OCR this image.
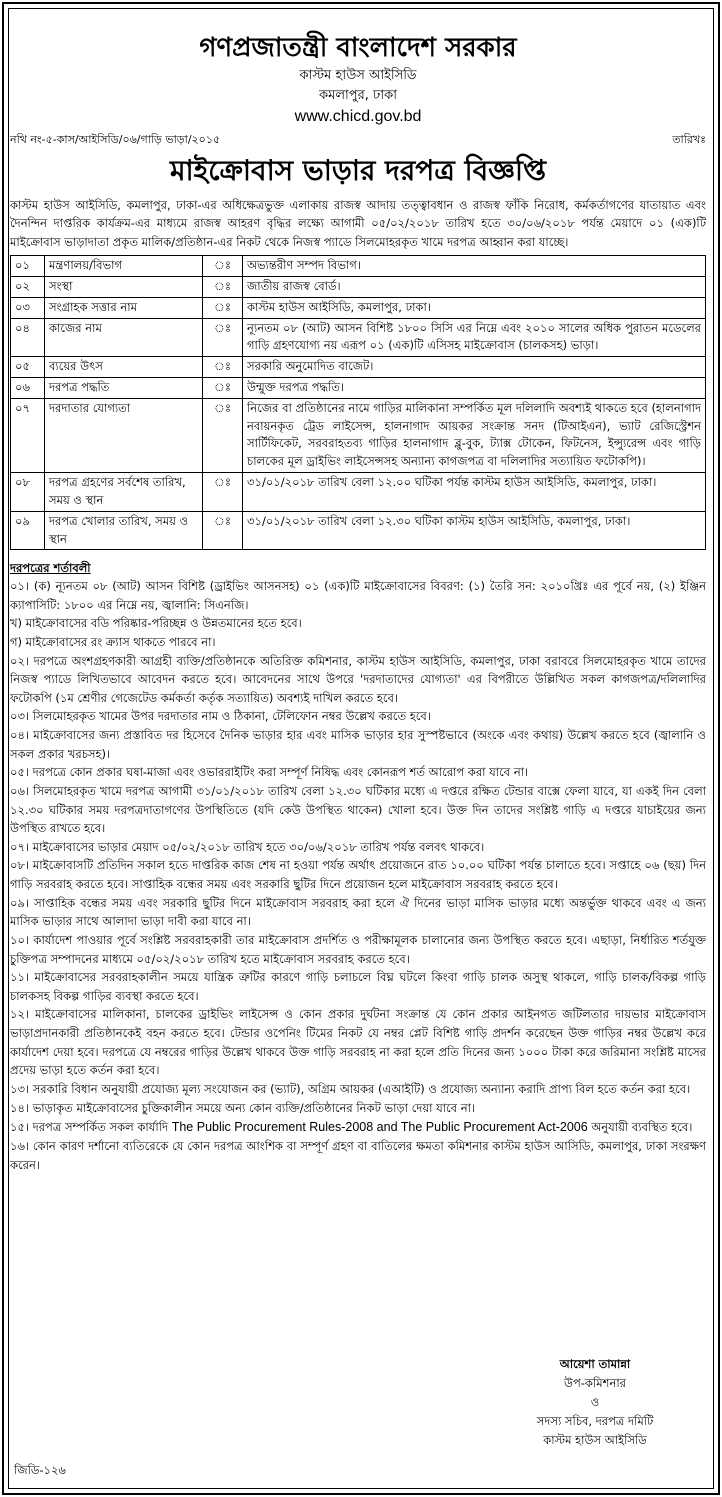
গণপ্রজাতন্ত্রী বাংলাদেশ সরকার
কাস্টম হাউস আইসিডি
কমলাপুর, ঢাকা
www.chicd.gov.bd
নথি নং-৫-কাস/আইসিডি/০৬/গাড়ি ভাড়া/২০১৫	তারিখঃ
মাইক্রোবাস ভাড়ার দরপত্র বিজ্ঞপ্তি

কাস্টম হাউস আইসিডি, কমলাপুর, ঢাকা-এর অধিক্ষেত্রভুক্ত এলাকায় রাজস্ব আদায় তত্ত্বাবধান ও রাজস্ব ফাঁকি নিরোধ, কর্মকর্তাগণের যাতায়াত এবং দৈনন্দিন দাপ্তরিক কার্যক্রম-এর মাধ্যমে রাজস্ব আহরণ বৃদ্ধির লক্ষ্যে আগামী ০৫/০২/২০১৮ তারিখ হতে ৩০/০৬/২০১৮ পর্যন্ত মেয়াদে ০১ (এক)টি মাইক্রোবাস ভাড়াদাতা প্রকৃত মালিক/প্রতিষ্ঠান-এর নিকট থেকে নিজস্ব প্যাডে সিলমোহরকৃত খামে দরপত্র আহ্বান করা যাচ্ছে।

০১	মন্ত্রণালয়/বিভাগ	ঃ	অভ্যন্তরীণ সম্পদ বিভাগ।
০২	সংস্থা	ঃ	জাতীয় রাজস্ব বোর্ড।
০৩	সংগ্রাহক সত্তার নাম	ঃ	কাস্টম হাউস আইসিডি, কমলাপুর, ঢাকা।
০৪	কাজের নাম	ঃ	ন্যূনতম ০৮ (আট) আসন বিশিষ্ট ১৮০০ সিসি এর নিম্নে এবং ২০১০ সালের অধিক পুরাতন মডেলের গাড়ি গ্রহণযোগ্য নয় এরূপ ০১ (এক)টি এসিসহ মাইক্রোবাস (চালকসহ) ভাড়া।
০৫	ব্যয়ের উৎস	ঃ	সরকারি অনুমোদিত বাজেট।
০৬	দরপত্র পদ্ধতি	ঃ	উন্মুক্ত দরপত্র পদ্ধতি।
০৭	দরদাতার যোগ্যতা	ঃ	নিজের বা প্রতিষ্ঠানের নামে গাড়ির মালিকানা সম্পর্কিত মূল দলিলাদি অবশ্যই থাকতে হবে (হালনাগাদ নবায়নকৃত ট্রেড লাইসেন্স, হালনাগাদ আয়কর সংক্রান্ত সনদ (টিআইএন), ভ্যাট রেজিস্ট্রেশন সার্টিফিকেট, সরবরাহতব্য গাড়ির হালনাগাদ ব্লু-বুক, ট্যাক্স টোকেন, ফিটনেস, ইন্স্যুরেন্স এবং গাড়ি চালকের মূল ড্রাইভিং লাইসেন্সসহ অন্যান্য কাগজপত্র বা দলিলাদির সত্যায়িত ফটোকপি)।
০৮	দরপত্র গ্রহণের সর্বশেষ তারিখ, সময় ও স্থান	ঃ	৩১/০১/২০১৮ তারিখ বেলা ১২.০০ ঘটিকা পর্যন্ত কাস্টম হাউস আইসিডি, কমলাপুর, ঢাকা।
০৯	দরপত্র খোলার তারিখ, সময় ও স্থান	ঃ	৩১/০১/২০১৮ তারিখ বেলা ১২.৩০ ঘটিকা কাস্টম হাউস আইসিডি, কমলাপুর, ঢাকা।
দরপত্রের শর্তাবলী

০১। (ক) ন্যূনতম ০৮ (আট) আসন বিশিষ্ট (ড্রাইভিং আসনসহ) ০১ (এক)টি মাইক্রোবাসের বিবরণ: (১) তৈরি সন: ২০১০খ্রিঃ এর পূর্বে নয়, (২) ইঞ্জিন ক্যাপাসিটি: ১৮০০ এর নিম্নে নয়, জ্বালানি: সিএনজি।

খ) মাইক্রোবাসের বডি পরিষ্কার-পরিচ্ছন্ন ও উন্নতমানের হতে হবে।

গ) মাইক্রোবাসের রং ক্র্যাস থাকতে পারবে না।

০২। দরপত্রে অংশগ্রহণকারী আগ্রহী ব্যক্তি/প্রতিষ্ঠানকে অতিরিক্ত কমিশনার, কাস্টম হাউস আইসিডি, কমলাপুর, ঢাকা বরাবরে সিলমোহরকৃত খামে তাদের নিজস্ব প্যাডে লিখিতভাবে আবেদন করতে হবে। আবেদনের সাথে উপরে 'দরদাতাদের যোগ্যতা' এর বিপরীতে উল্লিখিত সকল কাগজপত্র/দলিলাদির ফটোকপি (১ম শ্রেণীর গেজেটেড কর্মকর্তা কর্তৃক সত্যায়িত) অবশ্যই দাখিল করতে হবে।

০৩। সিলমোহরকৃত খামের উপর দরদাতার নাম ও ঠিকানা, টেলিফোন নম্বর উল্লেখ করতে হবে।

০৪। মাইক্রোবাসের জন্য প্রস্তাবিত দর হিসেবে দৈনিক ভাড়ার হার এবং মাসিক ভাড়ার হার সুস্পষ্টভাবে (অংকে এবং কথায়) উল্লেখ করতে হবে (জ্বালানি ও সকল প্রকার খরচসহ)।

০৫। দরপত্রে কোন প্রকার ঘষা-মাজা এবং ওভাররাইটিং করা সম্পূর্ণ নিষিদ্ধ এবং কোনরূপ শর্ত আরোপ করা যাবে না।

০৬। সিলমোহরকৃত খামে দরপত্র আগামী ৩১/০১/২০১৮ তারিখ বেলা ১২.৩০ ঘটিকার মধ্যে এ দপ্তরে রক্ষিত টেন্ডার বাক্সে ফেলা যাবে, যা একই দিন বেলা ১২.৩০ ঘটিকার সময় দরপত্রদাতাগণের উপস্থিতিতে (যদি কেউ উপস্থিত থাকেন) খোলা হবে। উক্ত দিন তাদের সংশ্লিষ্ট গাড়ি এ দপ্তরে যাচাইয়ের জন্য উপস্থিত রাখতে হবে।

০৭। মাইক্রোবাসের ভাড়ার মেয়াদ ০৫/০২/২০১৮ তারিখ হতে ৩০/০৬/২০১৮ তারিখ পর্যন্ত বলবৎ থাকবে।

০৮। মাইক্রোবাসটি প্রতিদিন সকাল হতে দাপ্তরিক কাজ শেষ না হওয়া পর্যন্ত অর্থাৎ প্রয়োজনে রাত ১০.০০ ঘটিকা পর্যন্ত চালাতে হবে। সপ্তাহে ০৬ (ছয়) দিন গাড়ি সরবরাহ করতে হবে। সাপ্তাহিক বন্ধের সময় এবং সরকারি ছুটির দিনে প্রয়োজন হলে মাইক্রোবাস সরবরাহ করতে হবে।

০৯। সাপ্তাহিক বন্ধের সময় এবং সরকারি ছুটির দিনে মাইক্রোবাস সরবরাহ করা হলে ঐ দিনের ভাড়া মাসিক ভাড়ার মধ্যে অন্তর্ভুক্ত থাকবে এবং এ জন্য মাসিক ভাড়ার সাথে আলাদা ভাড়া দাবী করা যাবে না।

১০। কার্যাদেশ পাওয়ার পূর্বে সংশ্লিষ্ট সরবরাহকারী তার মাইক্রোবাস প্রদর্শিত ও পরীক্ষামূলক চালানোর জন্য উপস্থিত করতে হবে। এছাড়া, নির্ধারিত শর্তযুক্ত চুক্তিপত্র সম্পাদনের মাধ্যমে ০৫/০২/২০১৮ তারিখ হতে মাইক্রোবাস সরবরাহ করতে হবে।

১১। মাইক্রোবাসের সরবরাহকালীন সময়ে যান্ত্রিক ত্রুটির কারণে গাড়ি চলাচলে বিঘ্ন ঘটলে কিংবা গাড়ি চালক অসুস্থ থাকলে, গাড়ি চালক/বিকল্প গাড়ি চালকসহ বিকল্প গাড়ির ব্যবস্থা করতে হবে।

১২। মাইক্রোবাসের মালিকানা, চালকের ড্রাইভিং লাইসেন্স ও কোন প্রকার দুর্ঘটনা সংক্রান্ত যে কোন প্রকার আইনগত জটিলতার দায়ভার মাইক্রোবাস ভাড়াপ্রদানকারী প্রতিষ্ঠানকেই বহন করতে হবে। টেন্ডার ওপেনিং টিমের নিকট যে নম্বর প্লেট বিশিষ্ট গাড়ি প্রদর্শন করেছেন উক্ত গাড়ির নম্বর উল্লেখ করে কার্যাদেশ দেয়া হবে। দরপত্রে যে নম্বরের গাড়ির উল্লেখ থাকবে উক্ত গাড়ি সরবরাহ না করা হলে প্রতি দিনের জন্য ১০০০ টাকা করে জরিমানা সংশ্লিষ্ট মাসের প্রদেয় ভাড়া হতে কর্তন করা হবে।

১৩। সরকারি বিধান অনুযায়ী প্রযোজ্য মূল্য সংযোজন কর (ভ্যাট), অগ্রিম আয়কর (এআইটি) ও প্রযোজ্য অন্যান্য করাদি প্রাপ্য বিল হতে কর্তন করা হবে।

১৪। ভাড়াকৃত মাইক্রোবাসের চুক্তিকালীন সময়ে অন্য কোন ব্যক্তি/প্রতিষ্ঠানের নিকট ভাড়া দেয়া যাবে না।

১৫। দরপত্র সম্পর্কিত সকল কার্যাদি The Public Procurement Rules-2008 and The Public Procurement Act-2006 অনুযায়ী ব্যবস্থিত হবে।

১৬। কোন কারণ দর্শানো ব্যতিরেকে যে কোন দরপত্র আংশিক বা সম্পূর্ণ গ্রহণ বা বাতিলের ক্ষমতা কমিশনার কাস্টম হাউস আসিডি, কমলাপুর, ঢাকা সংরক্ষণ করেন।

আয়েশা তামান্না
উপ-কমিশনার
ও
সদস্য সচিব, দরপত্র দমিটি
কাস্টম হাউস আইসিডি
জিডি-১২৬
